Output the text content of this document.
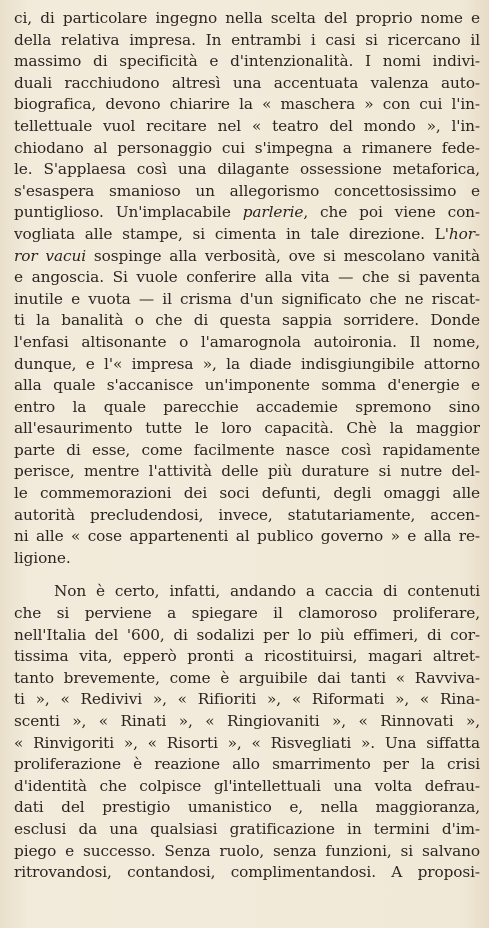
ci, di particolare ingegno nella scelta del proprio nome e
della relativa impresa. In entrambi i casi si ricercano il
massimo di specificità e d'intenzionalità. I nomi indivi-
duali racchiudono altresì una accentuata valenza auto-
biografica, devono chiarire la « maschera » con cui l'in-
tellettuale vuol recitare nel « teatro del mondo », l'in-
chiodano al personaggio cui s'impegna a rimanere fede-
le. S'applaesa così una dilagante ossessione metaforica,
s'esaspera smanioso un allegorismo concettosissimo e
puntiglioso. Un'implacabile parlerie, che poi viene con-
vogliata alle stampe, si cimenta in tale direzione. L'hor-
ror vacui sospinge alla verbosità, ove si mescolano vanità
e angoscia. Si vuole conferire alla vita — che si paventa
inutile e vuota — il crisma d'un significato che ne riscat-
ti la banalità o che di questa sappia sorridere. Donde
l'enfasi altisonante o l'amarognola autoironia. Il nome,
dunque, e l'« impresa », la diade indisgiungibile attorno
alla quale s'accanisce un'imponente somma d'energie e
entro la quale parecchie accademie spremono sino
all'esaurimento tutte le loro capacità. Chè la maggior
parte di esse, come facilmente nasce così rapidamente
perisce, mentre l'attività delle più durature si nutre del-
le commemorazioni dei soci defunti, degli omaggi alle
autorità precludendosi, invece, statutariamente, accen-
ni alle « cose appartenenti al publico governo » e alla re-
ligione.
Non è certo, infatti, andando a caccia di contenuti
che si perviene a spiegare il clamoroso proliferare,
nell'Italia del '600, di sodalizi per lo più effimeri, di cor-
tissima vita, epperò pronti a ricostituirsi, magari altret-
tanto brevemente, come è arguibile dai tanti « Ravviva-
ti », « Redivivi », « Rifioriti », « Riformati », « Rina-
scenti », « Rinati », « Ringiovaniti », « Rinnovati »,
« Rinvigoriti », « Risorti », « Risvegliati ». Una siffatta
proliferazione è reazione allo smarrimento per la crisi
d'identità che colpisce gl'intellettuali una volta defrau-
dati del prestigio umanistico e, nella maggioranza,
esclusi da una qualsiasi gratificazione in termini d'im-
piego e successo. Senza ruolo, senza funzioni, si salvano
ritrovandosi, contandosi, complimentandosi. A proposi-
